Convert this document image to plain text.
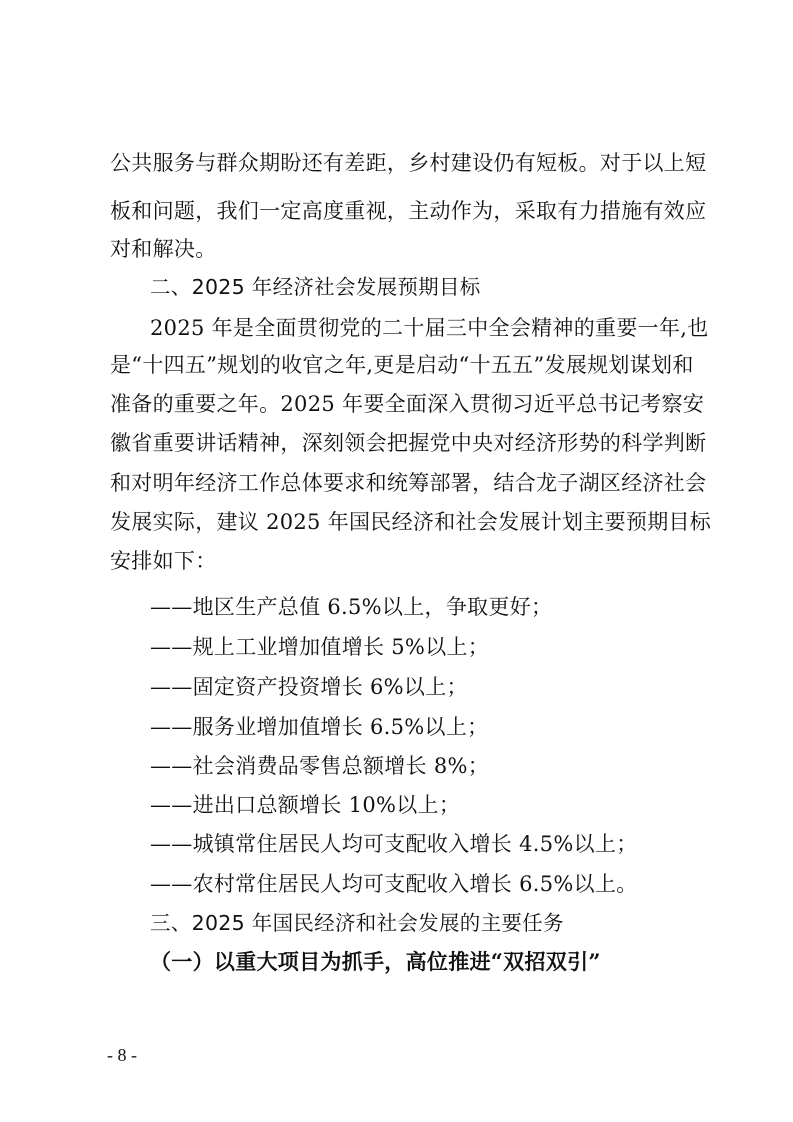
公共服务与群众期盼还有差距，乡村建设仍有短板。对于以上短
板和问题，我们一定高度重视，主动作为，采取有力措施有效应
对和解决。
二、2025 年经济社会发展预期目标
2025 年是全面贯彻党的二十届三中全会精神的重要一年,也
是“十四五”规划的收官之年,更是启动“十五五”发展规划谋划和
准备的重要之年。2025 年要全面深入贯彻习近平总书记考察安
徽省重要讲话精神，深刻领会把握党中央对经济形势的科学判断
和对明年经济工作总体要求和统筹部署，结合龙子湖区经济社会
发展实际，建议 2025 年国民经济和社会发展计划主要预期目标
安排如下：
——地区生产总值 6.5%以上，争取更好；
——规上工业增加值增长 5%以上；
——固定资产投资增长 6%以上；
——服务业增加值增长 6.5%以上；
——社会消费品零售总额增长 8%；
——进出口总额增长 10%以上；
——城镇常住居民人均可支配收入增长 4.5%以上；
——农村常住居民人均可支配收入增长 6.5%以上。
三、2025 年国民经济和社会发展的主要任务
（一）以重大项目为抓手，高位推进“双招双引”
- 8 -
